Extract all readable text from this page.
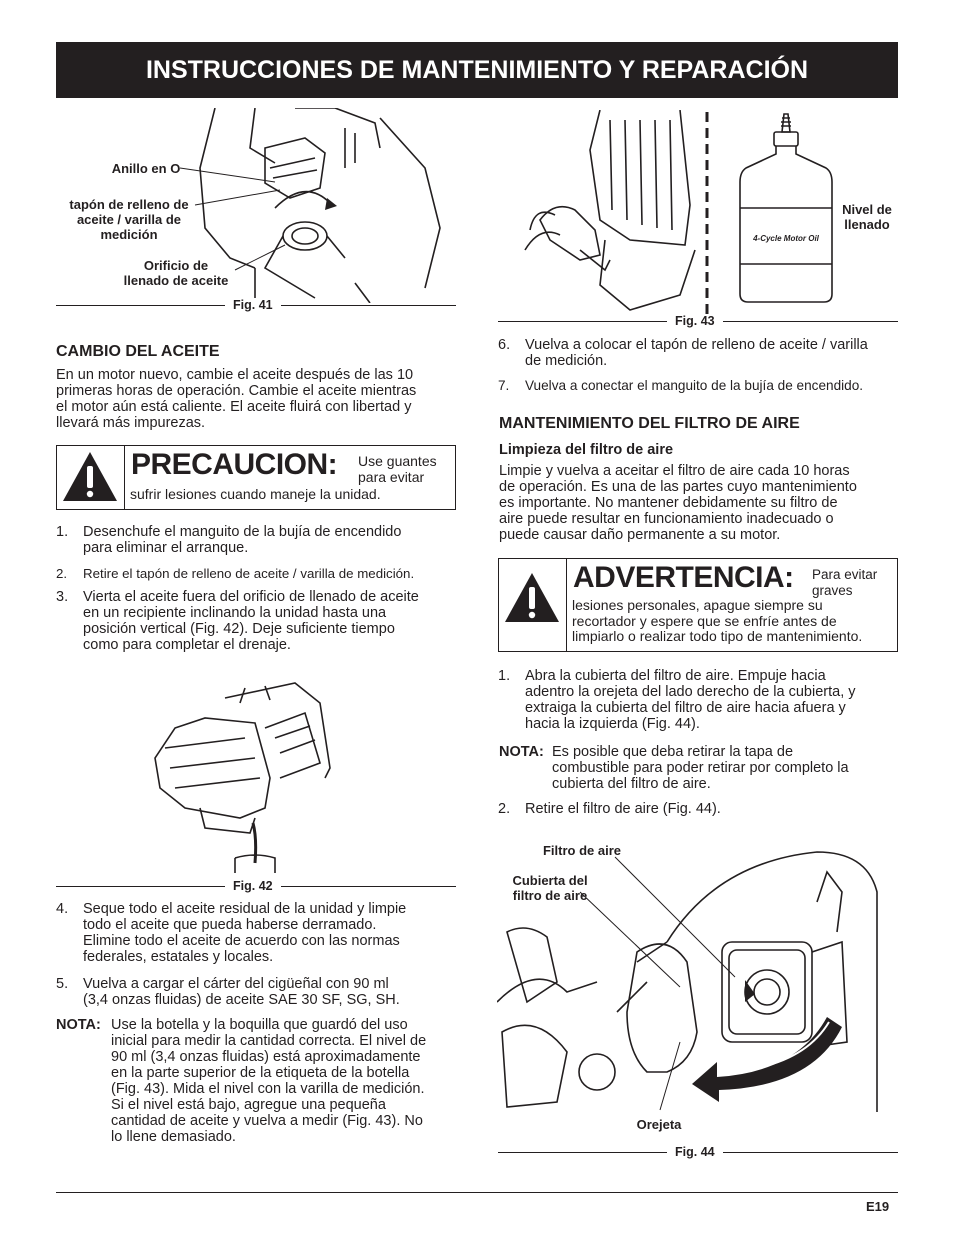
INSTRUCCIONES DE MANTENIMIENTO Y REPARACIÓN
Anillo en O
tapón de relleno de
aceite / varilla de
medición
Orificio de
llenado de aceite
Fig. 41
CAMBIO DEL ACEITE
En un motor nuevo, cambie el aceite después de las 10
primeras horas de operación. Cambie el aceite mientras
el motor aún está caliente. El aceite fluirá con libertad y
llevará más impurezas.
PRECAUCION: Use guantes
para evitar
sufrir lesiones cuando maneje la unidad.
1. Desenchufe el manguito de la bujía de encendido
para eliminar el arranque.
2. Retire el tapón de relleno de aceite / varilla de medición.
3. Vierta el aceite fuera del orificio de llenado de aceite
en un recipiente inclinando la unidad hasta una
posición vertical (Fig. 42). Deje suficiente tiempo
como para completar el drenaje.
Fig. 42
4. Seque todo el aceite residual de la unidad y limpie
todo el aceite que pueda haberse derramado.
Elimine todo el aceite de acuerdo con las normas
federales, estatales y locales.
5. Vuelva a cargar el cárter del cigüeñal con 90 ml
(3,4 onzas fluidas) de aceite SAE 30 SF, SG, SH.
NOTA: Use la botella y la boquilla que guardó del uso
inicial para medir la cantidad correcta. El nivel de
90 ml (3,4 onzas fluidas) está aproximadamente
en la parte superior de la etiqueta de la botella
(Fig. 43). Mida el nivel con la varilla de medición.
Si el nivel está bajo, agregue una pequeña
cantidad de aceite y vuelva a medir (Fig. 43). No
lo llene demasiado.
4-Cycle Motor Oil
Nivel de
llenado
Fig. 43
6. Vuelva a colocar el tapón de relleno de aceite / varilla
de medición.
7. Vuelva a conectar el manguito de la bujía de encendido.
MANTENIMIENTO DEL FILTRO DE AIRE
Limpieza del filtro de aire
Limpie y vuelva a aceitar el filtro de aire cada 10 horas
de operación. Es una de las partes cuyo mantenimiento
es importante. No mantener debidamente su filtro de
aire puede resultar en funcionamiento inadecuado o
puede causar daño permanente a su motor.
ADVERTENCIA: Para evitar
graves
lesiones personales, apague siempre su
recortador y espere que se enfríe antes de
limpiarlo o realizar todo tipo de mantenimiento.
1. Abra la cubierta del filtro de aire. Empuje hacia
adentro la orejeta del lado derecho de la cubierta, y
extraiga la cubierta del filtro de aire hacia afuera y
hacia la izquierda (Fig. 44).
NOTA: Es posible que deba retirar la tapa de
combustible para poder retirar por completo la
cubierta del filtro de aire.
2. Retire el filtro de aire (Fig. 44).
Filtro de aire
Cubierta del
filtro de aire
Orejeta
Fig. 44
E19
